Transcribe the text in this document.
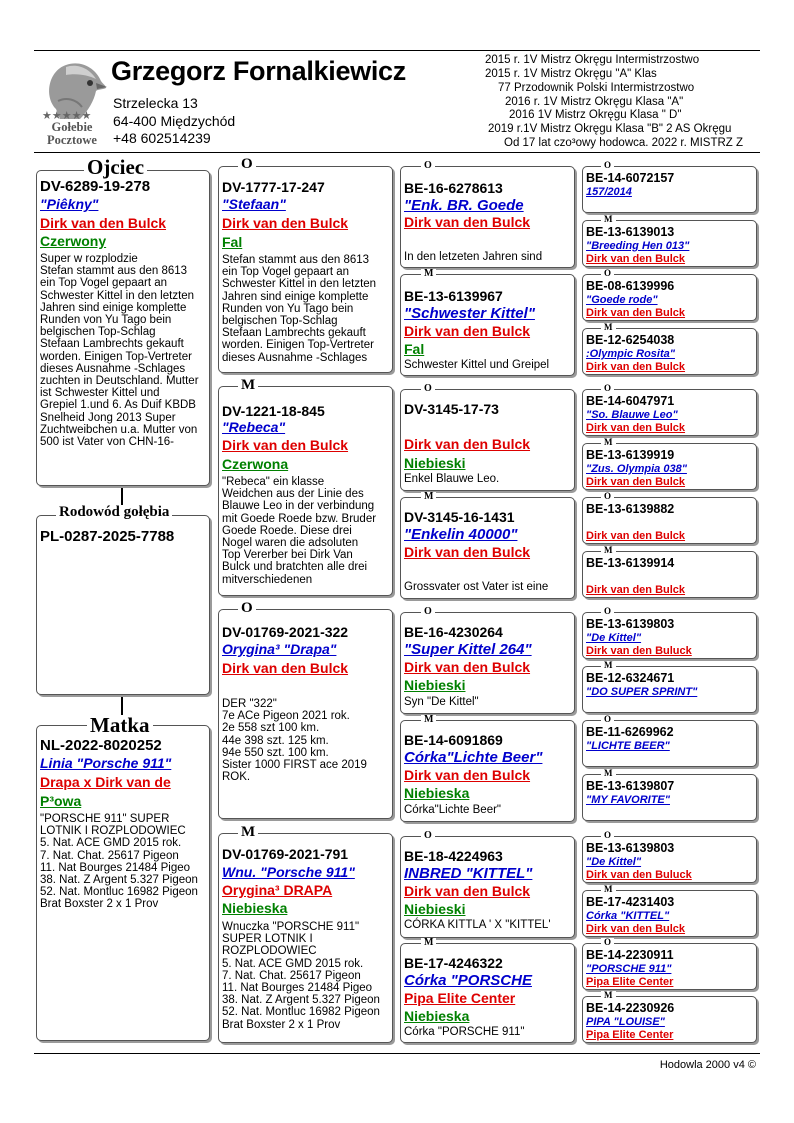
★★★★★
Gołebie
Pocztowe
Grzegorz Fornalkiewicz
Strzelecka 13
64-400 Międzychód
+48 602514239
2015 r. 1V Mistrz Okręgu Intermistrzostwo
2015 r. 1V Mistrz Okręgu "A" Klas
77 Przodownik Polski Intermistrzostwo
2016 r. 1V Mistrz Okręgu Klasa "A"
2016 1V Mistrz Okręgu Klasa " D"
2019 r.1V Mistrz Okręgu Klasa "B" 2 AS Okręgu
Od 17 lat czo³owy hodowca. 2022 r. MISTRZ Z
DV-6289-19-278
"Piêkny"
Dirk van den Bulck
Czerwony
Super w rozplodzie
Stefan stammt aus den 8613
ein Top Vogel gepaart an
Schwester Kittel in den letzten
Jahren sind einige komplette
Runden von Yu Tago bein
belgischen Top-Schlag
Stefaan Lambrechts gekauft
worden. Einigen Top-Vertreter
dieses Ausnahme -Schlages
zuchten in Deutschland. Mutter
ist Schwester Kittel und
Grepiel 1.und 6. As Duif KBDB
Snelheid Jong 2013 Super
Zuchtweibchen u.a. Mutter von
500 ist Vater von CHN-16-
Ojciec
PL-0287-2025-7788
Rodowód gołębia
NL-2022-8020252
Linia "Porsche 911"
Drapa x Dirk van de
P³owa
"PORSCHE 911" SUPER
LOTNIK I ROZPLODOWIEC
5. Nat. ACE GMD 2015 rok.
7. Nat. Chat. 25617 Pigeon
11. Nat Bourges 21484 Pigeo
38. Nat. Z Argent 5.327 Pigeon
52. Nat. Montluc 16982 Pigeon
Brat Boxster 2 x 1 Prov
Matka
DV-1777-17-247
"Stefaan"
Dirk van den Bulck
Fal
Stefan stammt aus den 8613
ein Top Vogel gepaart an
Schwester Kittel in den letzten
Jahren sind einige komplette
Runden von Yu Tago bein
belgischen Top-Schlag
Stefaan Lambrechts gekauft
worden. Einigen Top-Vertreter
dieses Ausnahme -Schlages
O
DV-1221-18-845
"Rebeca"
Dirk van den Bulck
Czerwona
"Rebeca" ein klasse
Weidchen aus der Linie des
Blauwe Leo in der verbindung
mit Goede Roede bzw. Bruder
Goede Roede. Diese drei
Nogel waren die adsoluten
Top Vererber bei Dirk Van
Bulck und bratchten alle drei
mitverschiedenen
M
DV-01769-2021-322
Orygina³ "Drapa"
Dirk van den Bulck
DER "322"
7e ACe Pigeon 2021 rok.
2e 558 szt 100 km.
44e 398 szt. 125 km.
94e 550 szt. 100 km.
Sister 1000 FIRST ace 2019
ROK.
O
DV-01769-2021-791
Wnu. "Porsche 911"
Orygina³ DRAPA
Niebieska
Wnuczka "PORSCHE 911"
SUPER LOTNIK I
ROZPLODOWIEC
5. Nat. ACE GMD 2015 rok.
7. Nat. Chat. 25617 Pigeon
11. Nat Bourges 21484 Pigeo
38. Nat. Z Argent 5.327 Pigeon
52. Nat. Montluc 16982 Pigeon
Brat Boxster 2 x 1 Prov
M
BE-16-6278613
"Enk. BR. Goede
Dirk van den Bulck
In den letzeten Jahren sind
O
BE-13-6139967
"Schwester Kittel"
Dirk van den Bulck
Fal
Schwester Kittel und Greipel
M
DV-3145-17-73
Dirk van den Bulck
Niebieski
Enkel Blauwe Leo.
O
DV-3145-16-1431
"Enkelin 40000"
Dirk van den Bulck
Grossvater ost Vater ist eine
M
BE-16-4230264
"Super Kittel 264"
Dirk van den Bulck
Niebieski
Syn "De Kittel"
O
BE-14-6091869
Córka"Lichte Beer"
Dirk van den Bulck
Niebieska
Córka"Lichte Beer"
M
BE-18-4224963
INBRED "KITTEL"
Dirk van den Bulck
Niebieski
CÓRKA KITTLA ' X "KITTEL'
O
BE-17-4246322
Córka "PORSCHE
Pipa Elite Center
Niebieska
Córka "PORSCHE 911"
M
BE-14-6072157
157/2014
O
BE-13-6139013
"Breeding Hen 013"
Dirk van den Bulck
M
BE-08-6139996
"Goede rode"
Dirk van den Bulck
O
BE-12-6254038
:Olympic Rosita"
Dirk van den Bulck
M
BE-14-6047971
"So. Blauwe Leo"
Dirk van den Bulck
O
BE-13-6139919
"Zus. Olympia 038"
Dirk van den Bulck
M
BE-13-6139882
Dirk van den Bulck
O
BE-13-6139914
Dirk van den Bulck
M
BE-13-6139803
"De Kittel"
Dirk van den Buluck
O
BE-12-6324671
"DO SUPER SPRINT"
M
BE-11-6269962
"LICHTE BEER"
O
BE-13-6139807
"MY FAVORITE"
M
BE-13-6139803
"De Kittel"
Dirk van den Buluck
O
BE-17-4231403
Córka "KITTEL"
Dirk van den Bulck
M
BE-14-2230911
"PORSCHE 911"
Pipa Elite Center
O
BE-14-2230926
PIPA "LOUISE"
Pipa Elite Center
M
Hodowla 2000 v4 ©
